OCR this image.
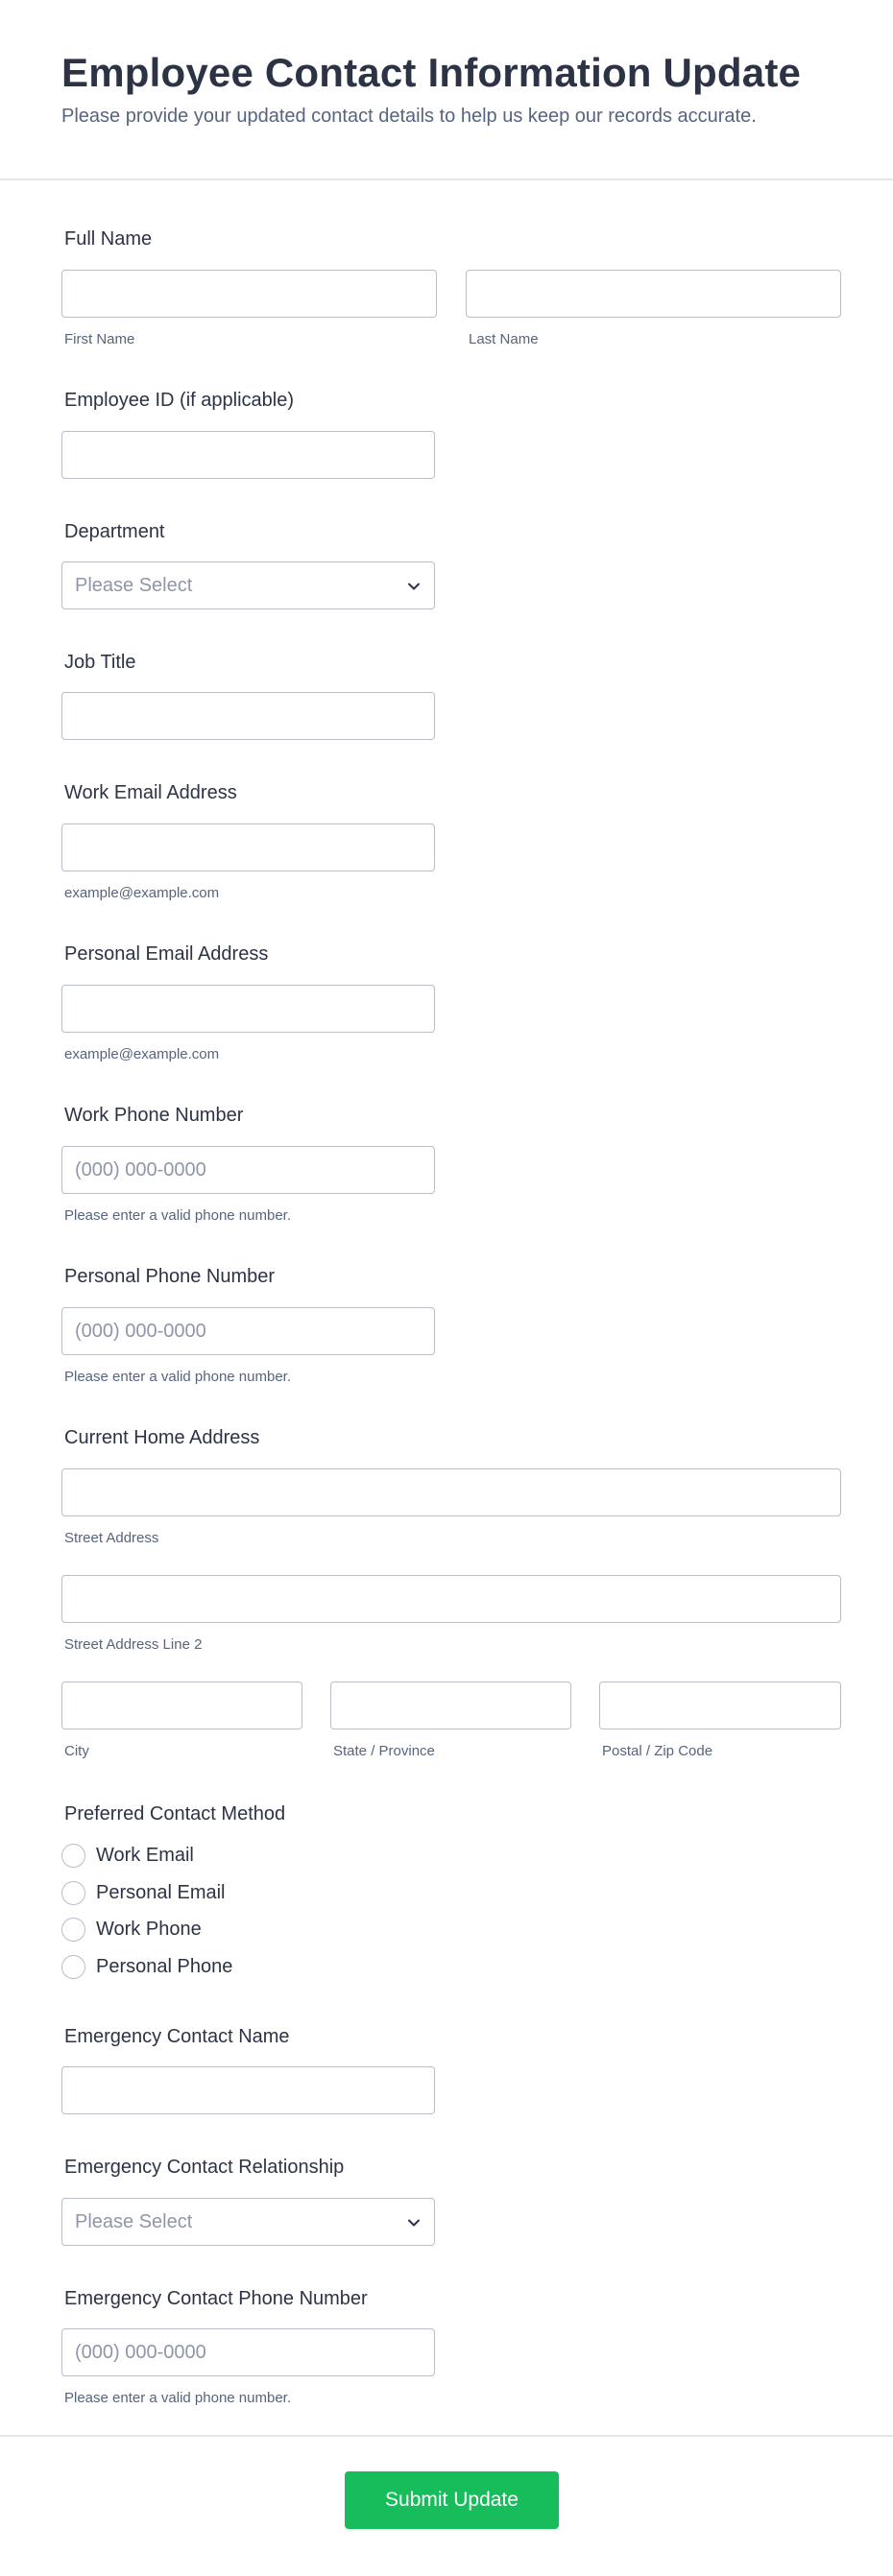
Employee Contact Information Update
Please provide your updated contact details to help us keep our records accurate.
Full Name
First Name	Last Name
Employee ID (if applicable)
Department
Please Select
Job Title
Work Email Address
example@example.com
Personal Email Address
example@example.com
Work Phone Number
(000) 000-0000
Please enter a valid phone number.
Personal Phone Number
(000) 000-0000
Please enter a valid phone number.
Current Home Address
Street Address
Street Address Line 2
City	State / Province	Postal / Zip Code
Preferred Contact Method
Work Email
Personal Email
Work Phone
Personal Phone
Emergency Contact Name
Emergency Contact Relationship
Please Select
Emergency Contact Phone Number
(000) 000-0000
Please enter a valid phone number.
Submit Update
